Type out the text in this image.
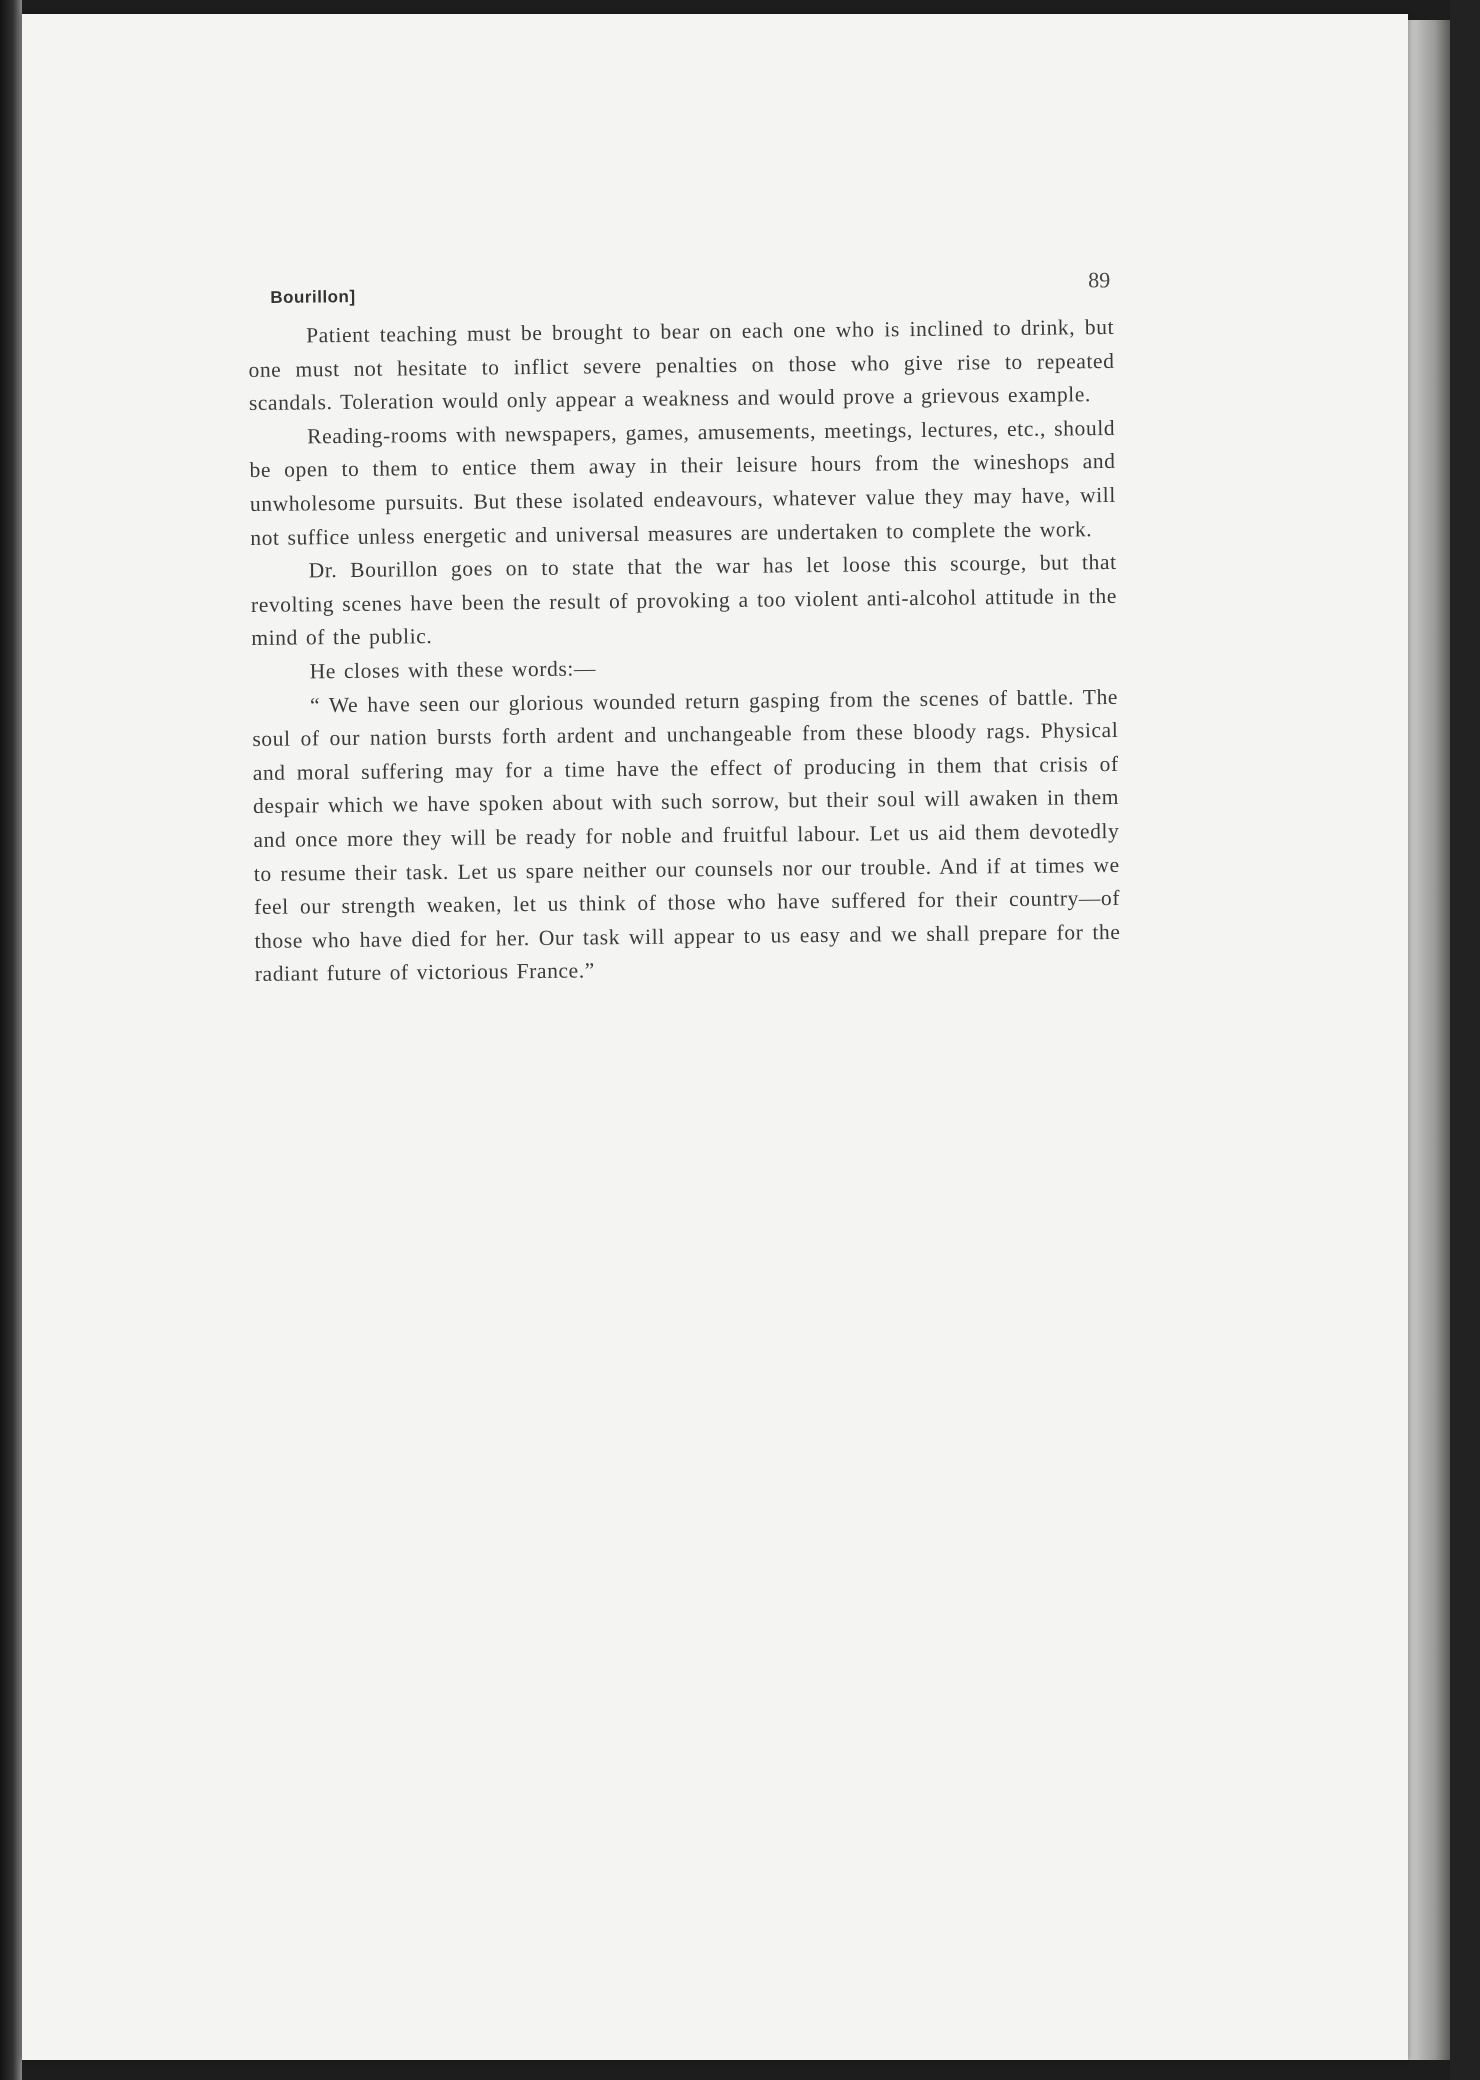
Bourillon]
89

Patient teaching must be brought to bear on each one who is inclined to drink, but one must not hesitate to inflict severe penalties on those who give rise to repeated scandals. Toleration would only appear a weakness and would prove a grievous example.

Reading-rooms with newspapers, games, amusements, meetings, lectures, etc., should be open to them to entice them away in their leisure hours from the wineshops and unwholesome pursuits. But these isolated endeavours, whatever value they may have, will not suffice unless energetic and universal measures are undertaken to complete the work.

Dr. Bourillon goes on to state that the war has let loose this scourge, but that revolting scenes have been the result of provoking a too violent anti-alcohol attitude in the mind of the public.

He closes with these words:—

“ We have seen our glorious wounded return gasping from the scenes of battle. The soul of our nation bursts forth ardent and unchangeable from these bloody rags. Physical and moral suffering may for a time have the effect of producing in them that crisis of despair which we have spoken about with such sorrow, but their soul will awaken in them and once more they will be ready for noble and fruitful labour. Let us aid them devotedly to resume their task. Let us spare neither our counsels nor our trouble. And if at times we feel our strength weaken, let us think of those who have suffered for their country—of those who have died for her. Our task will appear to us easy and we shall prepare for the radiant future of victorious France.”
